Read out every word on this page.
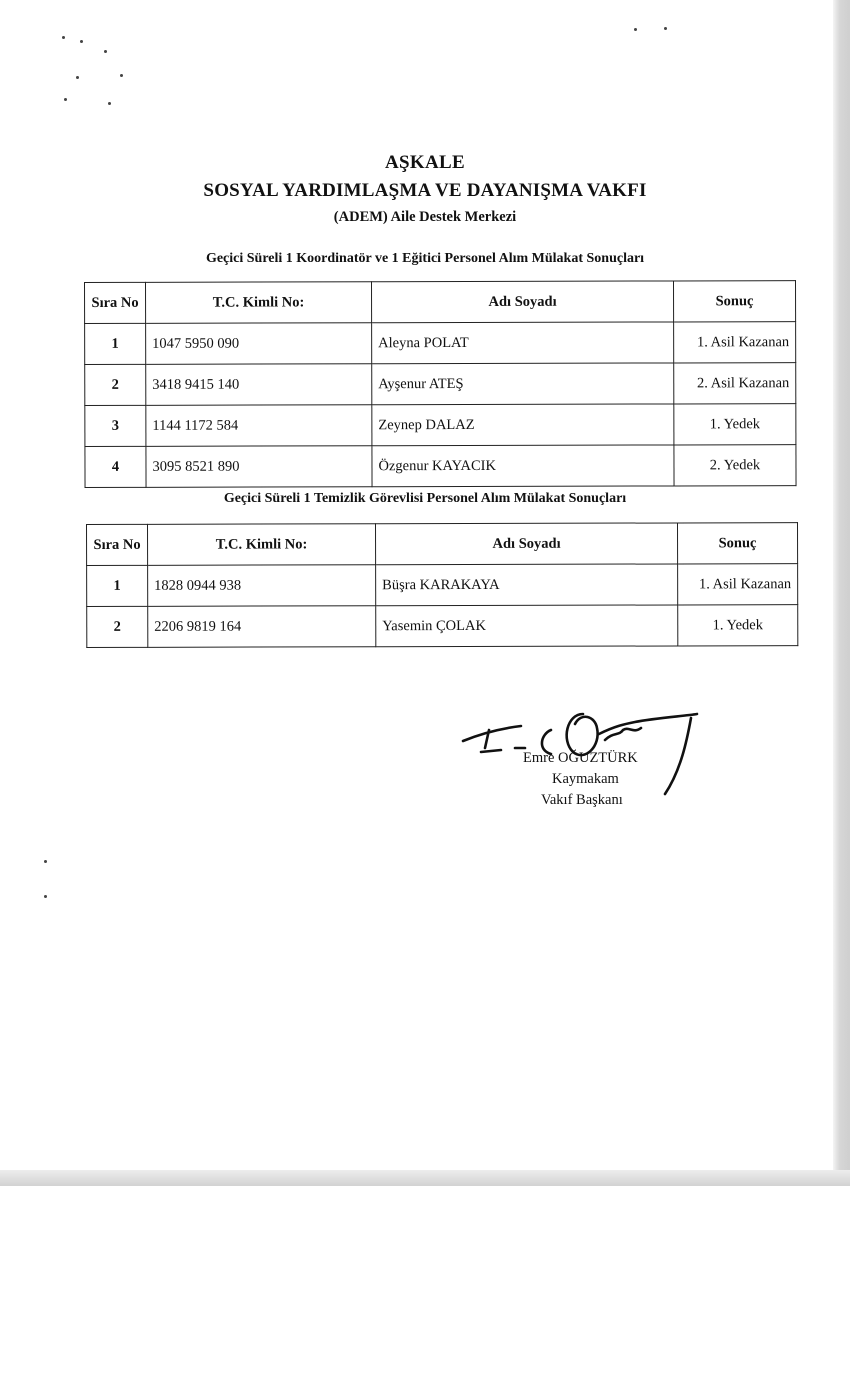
AŞKALE
SOSYAL YARDIMLAŞMA VE DAYANIŞMA VAKFI
(ADEM) Aile Destek Merkezi
Geçici Süreli 1 Koordinatör ve 1 Eğitici Personel Alım Mülakat Sonuçları
Sıra No	T.C. Kimli No:	Adı Soyadı	Sonuç
1	1047 5950 090	Aleyna POLAT	1. Asil Kazanan
2	3418 9415 140	Ayşenur ATEŞ	2. Asil Kazanan
3	1144 1172 584	Zeynep DALAZ	1. Yedek
4	3095 8521 890	Özgenur KAYACIK	2. Yedek
Geçici Süreli 1 Temizlik Görevlisi Personel Alım Mülakat Sonuçları
Sıra No	T.C. Kimli No:	Adı Soyadı	Sonuç
1	1828 0944 938	Büşra KARAKAYA	1. Asil Kazanan
2	2206 9819 164	Yasemin ÇOLAK	1. Yedek
Emre OĞUZTÜRK
Kaymakam
Vakıf Başkanı
